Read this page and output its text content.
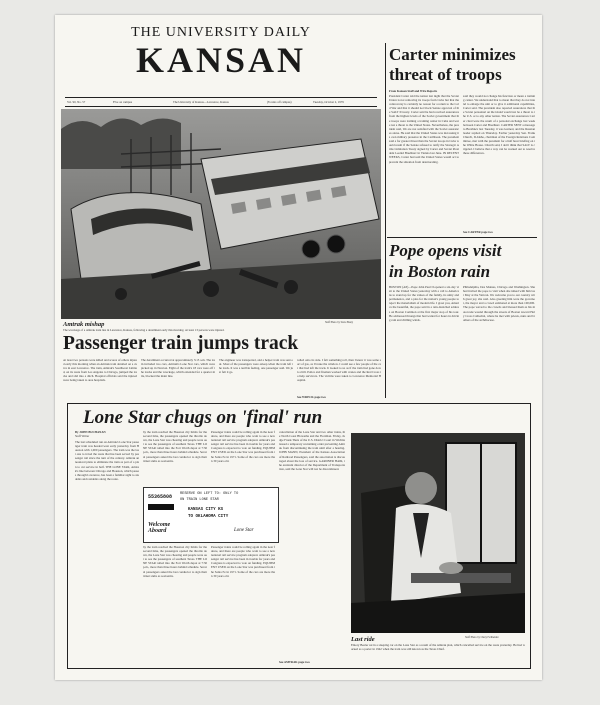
THE UNIVERSITY DAILY
KANSAN
Vol. 90, No. 57	Five on campus	The University of Kansas—Lawrence, Kansas	(8 cents off campus)	Tuesday, October 2, 1979
Carter minimizes
threat of troops
From Kansan Staff and Wire Reports
President Carter told the nation last night that the Soviet Union is not removing its troops from Cuba but that the controversy is certainly no reason for a return to the Cold War and that it should not block Senate approval of the SALT II treaty. Carter said he had received assurances from the highest levels of the Soviet government that the troops were training a training center in Cuba and were not a threat to the United States. Nevertheless, the president said, We are not satisfied with the Soviet assurances alone. He said that the United States was increasing its own military presence in the Caribbean. The president said a far greater threat than the Soviet troops in Cuba would result if the Senate refused to ratify the Strategic Arms Limitation Treaty signed by Carter and Soviet President Leonid Brezhnev in Vienna last June. IN RECENT WEEKS, Carter had said the United States would act to prevent the situation from deteriorating.
said they would not change his function or mean a training center. We understand that to mean that they do not intend to enlarge the unit or to give it additional capabilities, Carter said. The president also reported assurances that the Soviet personnel on the island would not be a threat to the U.S. or to any other nation. The Soviet assurances Carter cited were the result of a personal exchange last week between Carter and Brezhnev. CARTER SENT a message to Brezhnev last Tuesday, it was learned, and the Russian leader replied on Thursday. Earlier yesterday Sen. Frank Church, D-Idaho, chairman of the Foreign Relations Committee, met with the president for a half hour briefing on the White House. Church said, I don't think that SALT is crippled. I believe that a way can be worked out to resolve these differences.
See CARTER page two
Pope opens visit
in Boston rain
BOSTON (AP)—Pope John Paul II opened a six-day visit to the United States yesterday with a call to Americans to stand up for the values of the family, its unity and permanence, and a plea for the nation's young people to reject the materialism of modern life. I greet you, America the beautiful, the pope said in a rain-drenched address on Boston Common at the first major stop of his tour. He addressed throngs that had waited for hours in driving rain and chilling winds.
Philadelphia, Des Moines, Chicago and Washington. She had invited the pope to visit when she talked with him last May at the Vatican. We welcome you to our country with great joy, she said. Also greeting him were the governor, the mayor and a crowd estimated at more than 100,000. The pope waved to the crowds and blessed them as his motorcade wound through the streets of Boston toward Holy Cross Cathedral, where he met with priests, nuns and brothers of the archdiocese.
Amtrak mishap
The wreckage of a Amtrak train lies in Lawrence, Kansas, following a derailment early this morning. At least 13 persons were injured.
Staff Photo by Steve Beaty
Passenger train jumps track
At least two persons were killed and scores of others injured early this morning when an Amtrak train derailed on a curve in east Lawrence. The train, Amtrak's Southwest Limited, on its route from Los Angeles to Chicago, jumped the tracks and slid into a ditch. Hospital officials said the injured were being taken to area hospitals.
The derailment occurred at approximately 3:15 a.m. The train included two cars, Amtrak's Lone Star cars, which were picked up in Newton. Eight of the train's 18 cars were off the tracks and the wreckage, which extended for a quarter mile, blocked the main line.
The engineer was transported, and a helper train was sent out. Most of the passengers were asleep when the train left the track. It was a terrible feeling, one passenger said. We just felt it go.
rolled onto its side. I felt something roll, then I knew it was some sort of gas, as I broke the window. I could see a few people of the car that had left the track. It looked to us as if the train had gone down a hill. Police and firemen worked with cranes and the Red Cross to help survivors. The victims were taken to Lawrence Memorial Hospital.
See WRECK page two
Lone Star chugs on 'final' run
By JOHN BUCHANAN
Staff Writer
The last scheduled run on Amtrak's Lone Star passenger train was headed west early yesterday from Houston with 1,000 passengers. The train was the last one to travel the route that has been served by passenger rail since the turn of the century. Amtrak announced plans to eliminate the train as part of a plan to cut service in half. THE LONE STAR, Amtrak's line between Chicago and Houston, which passes through Lawrence, has been a familiar sight to students and residents along the route.
by the train reached the Houston city limits for the second time, the passengers opened the throttle down, the Lone Star was cheering and people were out to see the passengers of southern Texas. THE LONE STAR rolled into the Fort Worth depot at 7:30 p.m., more than three hours behind schedule. Several passengers asked the last conductor to sign their ticket stubs as souvenirs.
Passenger trains could be rolling again in the near future, and there are people who want to see a new national rail service program adopted. Amtrak's passenger rail service has been in trouble for years and Congress is expected to vote on funding. EQUIPMENT USED on the Lone Star was purchased from the Santa Fe in 1971. Some of the cars are more than 30 years old.
cancellation of the Lone Star and two other trains, the North Coast Hiawatha and the Floridian. Friday, Judge Frank Theis of the U.S. District Court in Wichita issued a temporary restraining order preventing Amtrak from discontinuing the train until after a hearing. JOHN MANN, President of the Kansas Association of Railroad Passengers, said the association is discouraged about the loss of service. GARDNER HAIR, the assistant director of the Department of Transportation, said the Lone Star will not be discontinued.
See AMTRAK page two
RESERVE ON LEFT TO: ONLY TO
ON TRAIN LONE STAR
KANSAS CITY KS
TO OKLAHOMA CITY
55365808
Welcome Aboard	Lone Star
by the train reached the Houston city limits for the second time, the passengers opened the throttle down, the Lone Star was cheering and people were out to see the passengers of southern Texas. THE LONE STAR rolled into the Fort Worth depot at 7:30 p.m., more than three hours behind schedule. Several passengers asked the last conductor to sign their ticket stubs as souvenirs.
Passenger trains could be rolling again in the near future, and there are people who want to see a new national rail service program adopted. Amtrak's passenger rail service has been in trouble for years and Congress is expected to vote on funding. EQUIPMENT USED on the Lone Star was purchased from the Santa Fe in 1971. Some of the cars are more than 30 years old.
Last ride	Staff Photo by Cheryl Schneider
Emory Beeler sat in a sleeping car on the Lone Star as a result of the Amtrak plan, which cancelled service on the route yesterday. He had worked as a porter in 1942 when the train was still known as the Texas Chief.
